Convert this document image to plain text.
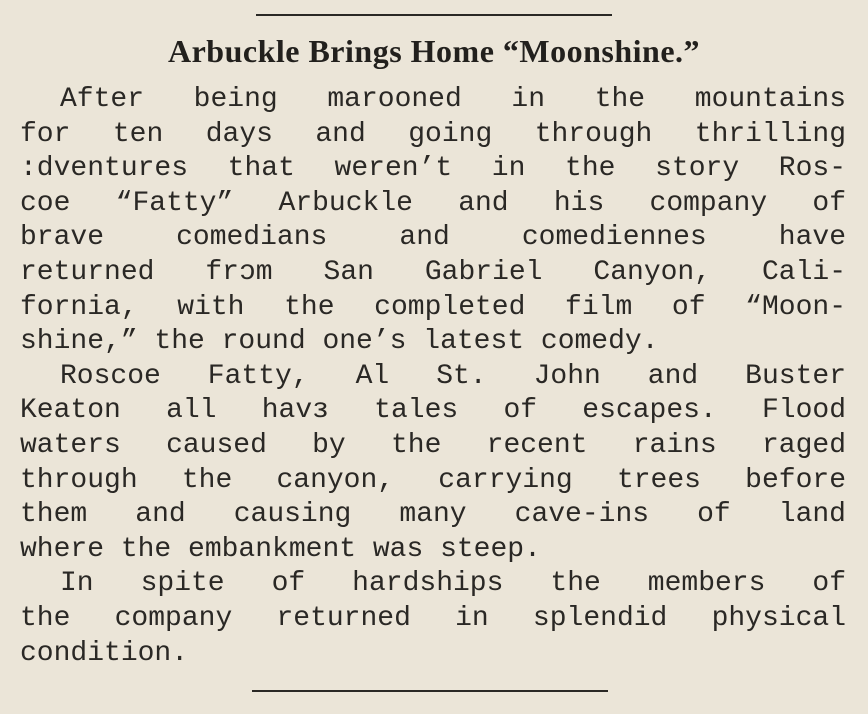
Arbuckle Brings Home “Moonshine.”
After being marooned in the mountains
for ten days and going through thrilling
:dventures that weren’t in the story Ros-
coe “Fatty” Arbuckle and his company of
brave comedians and comediennes have
returned frɔm San Gabriel Canyon, Cali-
fornia, with the completed film of “Moon-
shine,” the round one’s latest comedy.
Roscoe Fatty, Al St. John and Buster
Keaton all havз tales of escapes. Flood
waters caused by the recent rains raged
through the canyon, carrying trees before
them and causing many cave-ins of land
where the embankment was steep.
In spite of hardships the members of
the company returned in splendid physical
condition.
